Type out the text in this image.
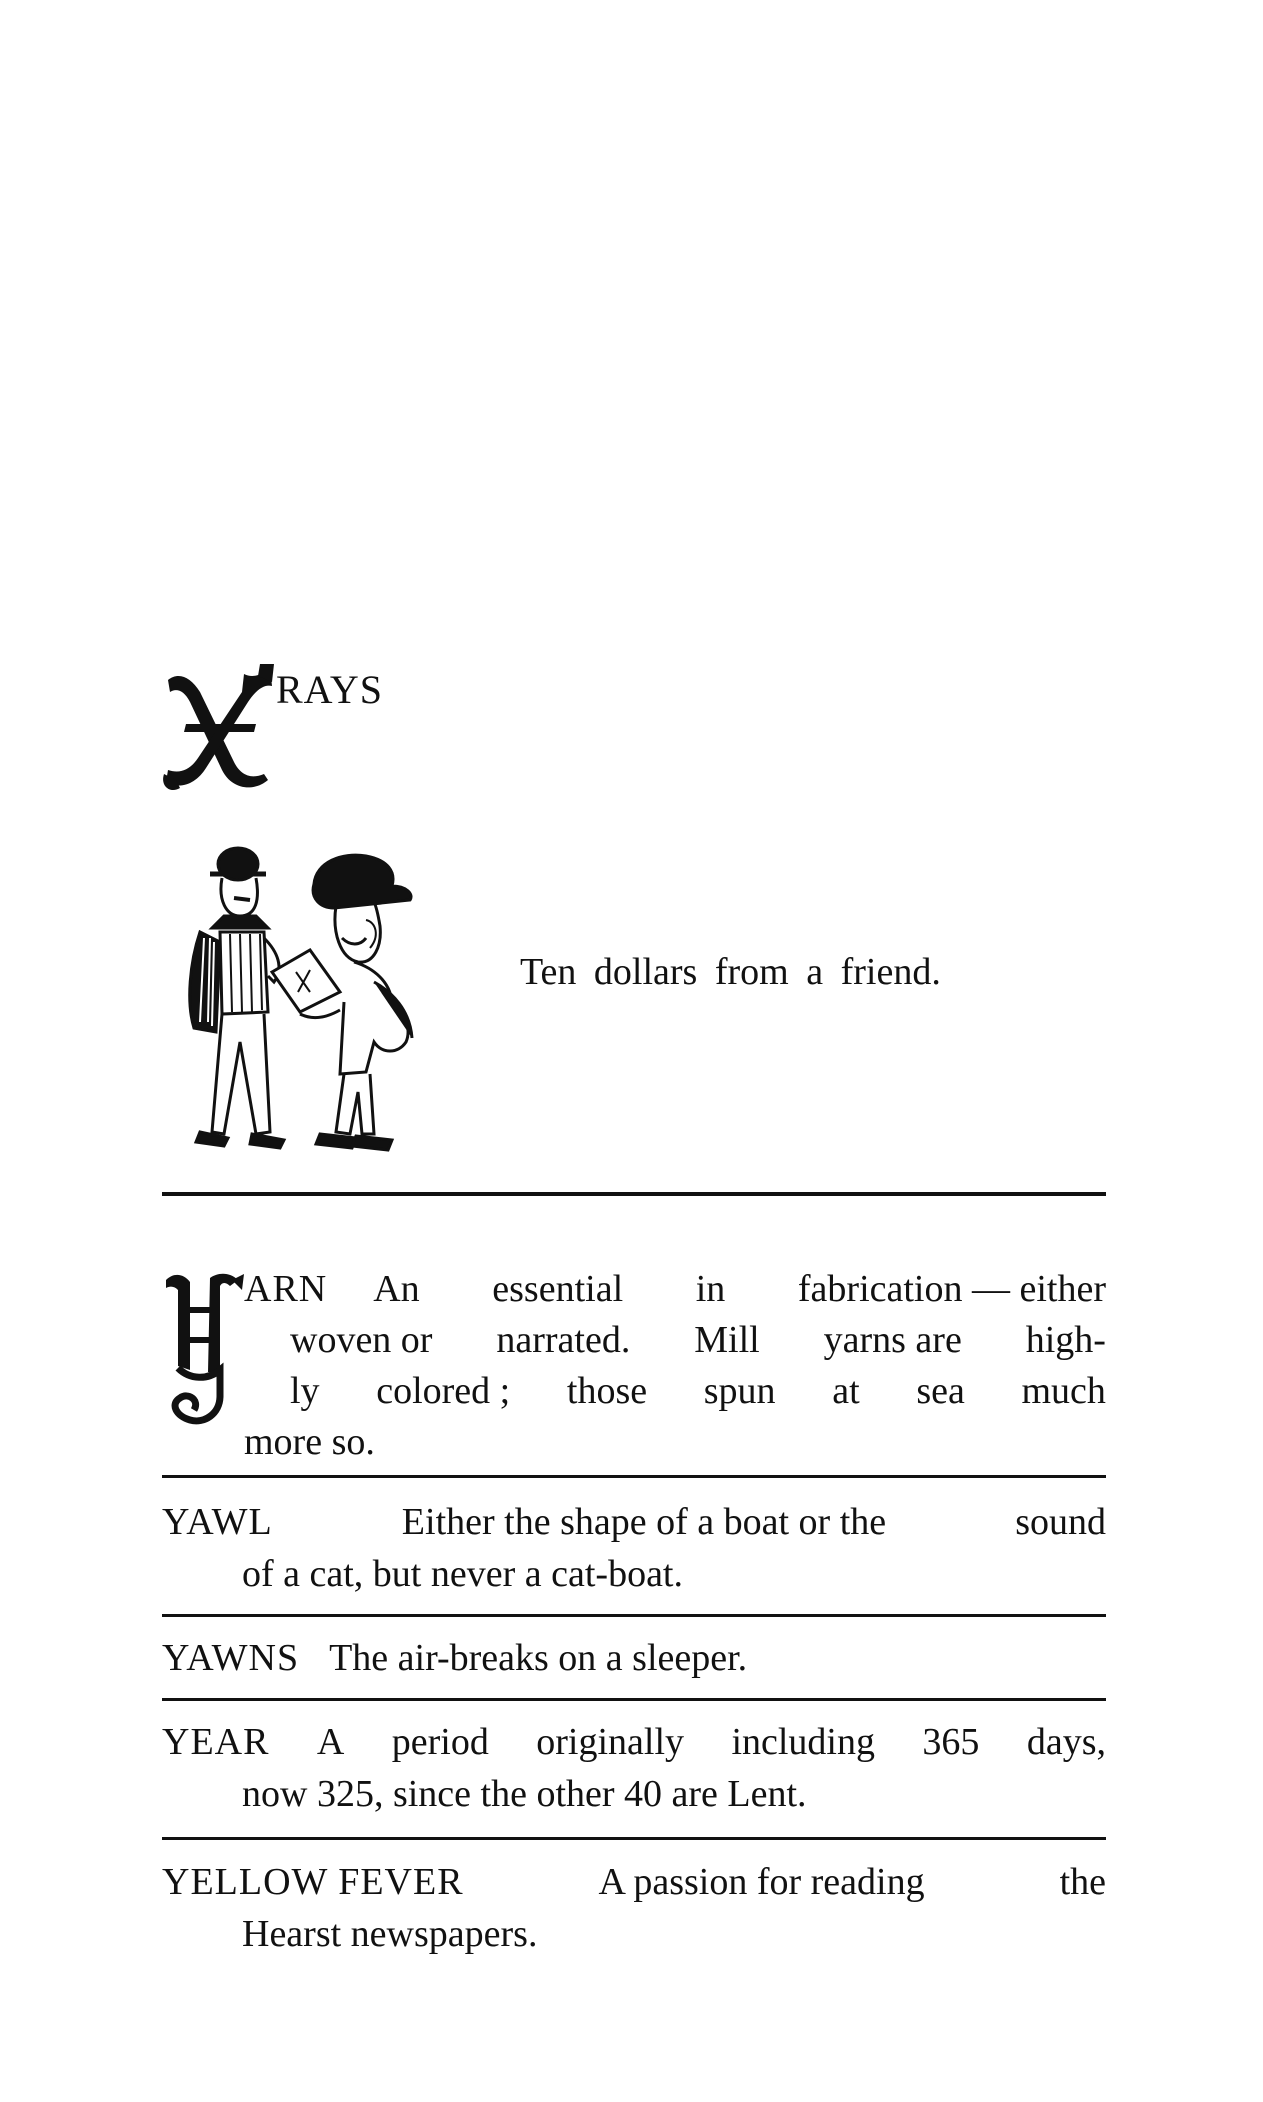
RAYS
Ten dollars from a friend.
ARN An essential in fabrication — either
woven or narrated. Mill yarns are high-
ly colored ; those spun at sea much
more so.
YAWL	Either the shape of a boat or the	sound
of a cat, but never a cat-boat.
YAWNS The air-breaks on a sleeper.
YEAR A period originally including 365 days,
now 325, since the other 40 are Lent.
YELLOW FEVER	A passion for reading	the
Hearst newspapers.
